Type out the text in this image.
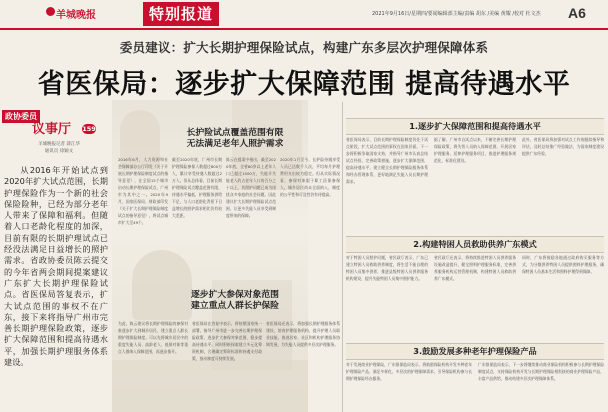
羊城晚报	特别报道	2021年9月16日/星期四/要闻编辑部主编/责编 胡东 /美编 黄耀 /校对 杜文杰 A6
委员建议：扩大长期护理保险试点，构建广东多层次护理保障体系
省医保局：逐步扩大保障范围 提高待遇水平
政协委员
议事厅 159
羊城晚报记者 薛江华
通讯员 徐颖文

从2016年开始试点到2020年扩大试点范围，长期护理保险作为一个新的社会保险险种，已经为部分老年人带来了保障和福利。但随着人口老龄化程度的加深，目前有限的长期护理试点已经没法满足日益增长的照护需求。省政协委员陈云提交的今年省两会期间提案建议广东扩大长期护理保险试点。省医保局答复表示，扩大试点范围的事权不在广东，接下来将指导广州市完善长期护理保险政策，逐步扩大保障范围和提高待遇水平，加强长期护理服务体系建设。

长护险试点覆盖范围有限
无法满足老年人照护需求
2016年6月，人力资源和社会保障部办公厅印发《关于开展长期护理保险制度试点的指导意见》，在全国15个城市启动长期护理保险试点，广州市为其中之一。2020年9月，国家医保局、财政部印发《关于扩大长期护理保险制度试点的指导意见》，将试点城市扩大至49个。
截至2020年底，广州市长期护理保险参保人数超过800万人，累计享受待遇人数超过2万人。但从总体看，目前长期护理保险试点覆盖范围有限，待遇水平偏低，护理服务供给不足，与人口老龄化背景下日益增长的照护需求相比仍有较大差距。
陈云在提案中指出，截至2020年底，全省60岁以上老年人口已超过1500万，失能半失能老人约占老年人口的百分之十以上，其照护问题已成为困扰众多家庭的社会问题。因此建议扩大长期护理保险试点范围，让更多失能人员享受到制度带来的保障。
2020年1月至今，长护险待遇享受人员已达数千人次，平均每月护理费用支出较为稳定。但从实际情况看，参保对象限于职工医保参保人，城乡居民尚未全面纳入，制度的公平性和可及性仍有待提高。
逐步扩大参保对象范围
建立重点人群长护保险
为此，陈云建议将长期护理保险的参保对象逐步扩大到城乡居民，建立重点人群长期护理保险制度。可以先将城乡居民中的重度失能人员、高龄老人、低保对象等重点人群纳入保障范围，再逐步推开。
省医保局在答复中表示，将按照国家统一部署，指导广州市进一步完善长期护理保险政策，逐步扩大参保对象范围，稳步提高待遇水平。同时积极探索建立多元化筹资机制，合理确定筹资标准和待遇支付政策，推动制度可持续发展。
省医保局还表示，将加强长期护理服务体系建设，培育护理服务机构，提升护理人员职业技能，推进居家、社区和机构护理服务协调发展，为失能人员提供多层次护理服务。
1.逐步扩大保障范围和提高待遇水平
省医保局表示，目前长期护理保险制度仍处于试点阶段，扩大试点范围的事权在国家层面。下一步将积极争取国家支持，并指导广州市认真总结试点经验，完善政策措施，逐步扩大保障范围，提高待遇水平，建立健全长期护理保险服务体系和经办管理体系，更好地满足失能人员长期护理需求。
据了解，广州市自试点以来，不断完善长期护理保险政策，将失智人员纳入保障范围，开展居家护理服务，延伸护理服务项目，推进护理服务规范化、标准化建设。
此外，省医保局将加强对试点工作的跟踪指导和评估，及时总结推广经验做法，为国家制度建设提供广东经验。
2.构建特困人员救助供养广东模式
对于特困人员照护问题，省民政厅表示，广东已建立特困人员救助供养制度，将生活不能自理的特困人员集中供养，推进县级特困人员供养服务机构建设，提升失能特困人员集中照护能力。
省民政厅还表示，将持续推进特困人员供养服务设施改造提升，健全照料护理服务标准，完善供养服务机构运营管理机制，构建特困人员救助供养广东模式。
同时，广东将鼓励各地通过政府购买服务等方式，为分散供养特困人员提供照料护理服务，确保特困人员基本生活和照料护理得到保障。
3.鼓励发展多种老年护理保险产品
对于发展商业护理保险，广东银保监局表示，将鼓励保险机构开发多种老年护理保险产品，满足多样化、多层次的护理保障需求，引导保险机构参与长期护理保险经办服务。
广东银保监局表示，下一步将继续推动商业保险机构积极参与长期护理保险制度试点，支持保险机构开发与长期护理保险相衔接的商业护理保险产品，丰富产品供给，推动构建多层次护理保障体系。
